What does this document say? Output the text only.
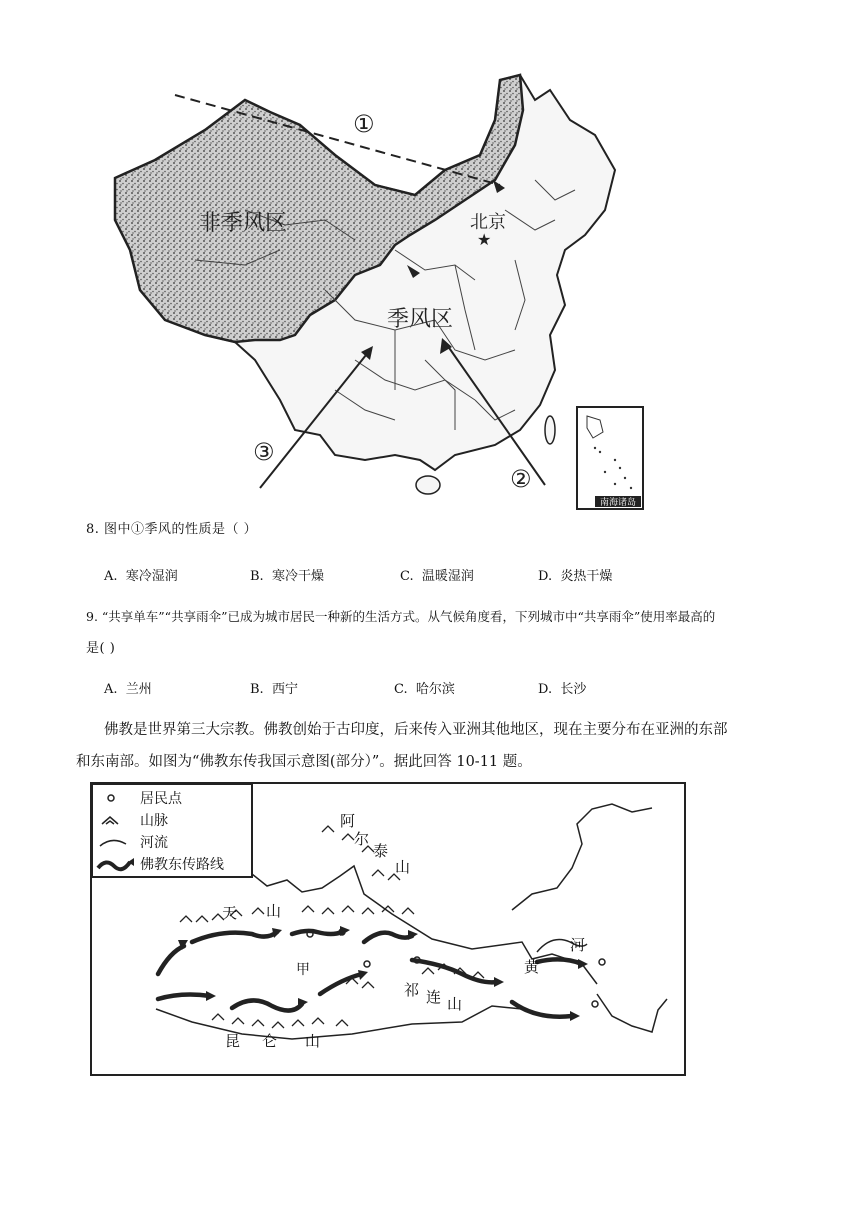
南海诸岛
★
非季风区
季风区
北京
①
②
③
8. 图中①季风的性质是（ ）
A. 寒冷湿润	B. 寒冷干燥	C. 温暖湿润	D. 炎热干燥
9. “共享单车”“共享雨伞”已成为城市居民一种新的生活方式。从气候角度看，下列城市中“共享雨伞”使用率最高的
是( )
A. 兰州	B. 西宁	C. 哈尔滨	D. 长沙
佛教是世界第三大宗教。佛教创始于古印度，后来传入亚洲其他地区，现在主要分布在亚洲的东部
和东南部。如图为“佛教东传我国示意图(部分）”。据此回答 10-11 题。
居民点
山脉
河流
佛教东传路线
阿
尔
泰
山
天 山
甲
祁 连 山
昆 仑 山
黄
河
